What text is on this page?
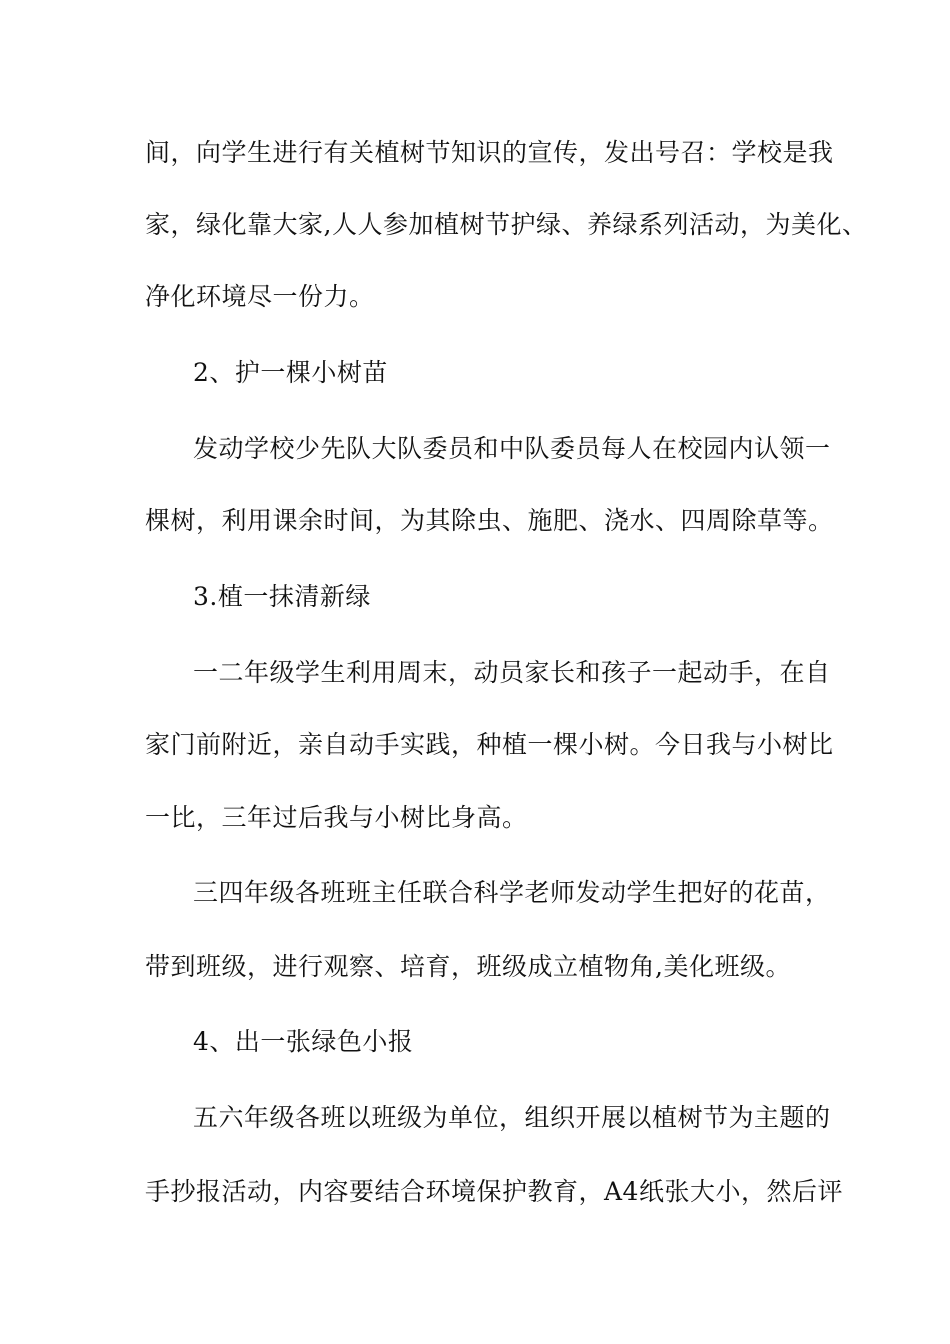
间，向学生进行有关植树节知识的宣传，发出号召：学校是我
家，绿化靠大家,人人参加植树节护绿、养绿系列活动，为美化、
净化环境尽一份力。
2、护一棵小树苗
发动学校少先队大队委员和中队委员每人在校园内认领一
棵树，利用课余时间，为其除虫、施肥、浇水、四周除草等。
3.植一抹清新绿
一二年级学生利用周末，动员家长和孩子一起动手，在自
家门前附近，亲自动手实践，种植一棵小树。今日我与小树比
一比，三年过后我与小树比身高。
三四年级各班班主任联合科学老师发动学生把好的花苗，
带到班级，进行观察、培育，班级成立植物角,美化班级。
4、出一张绿色小报
五六年级各班以班级为单位，组织开展以植树节为主题的
手抄报活动，内容要结合环境保护教育，A4纸张大小，然后评
